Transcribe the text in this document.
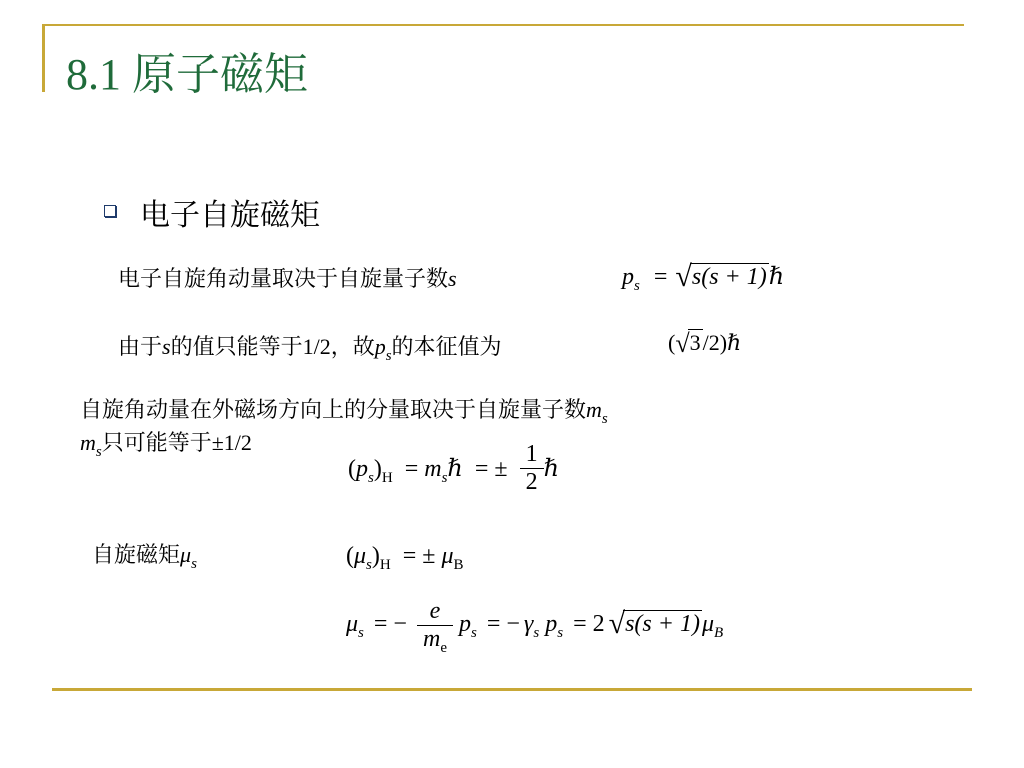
8.1 原子磁矩
电子自旋磁矩
电子自旋角动量取决于自旋量子数s	$p_s = √s(s$ + 1)ℏ
由于s的值只能等于1/2，故$p_s$的本征值为	(√3/2)ℏ
自旋角动量在外磁场方向上的分量取决于自旋量子数$m_s$
$m_s$只可能等于±1/2
$(p_s)_H$ = $m_s\hbar$ = ± $\frac{1}{2}$ ℏ
自旋磁矩$\mu_s$	$(\mu_s)_H$ = ± $\mu_B$
$\mu_s$ = − $\frac{e}{m_e} p_s$ = − $\gamma_s$ $p_s = 2$ $√s(s + 1)\mu_B$
